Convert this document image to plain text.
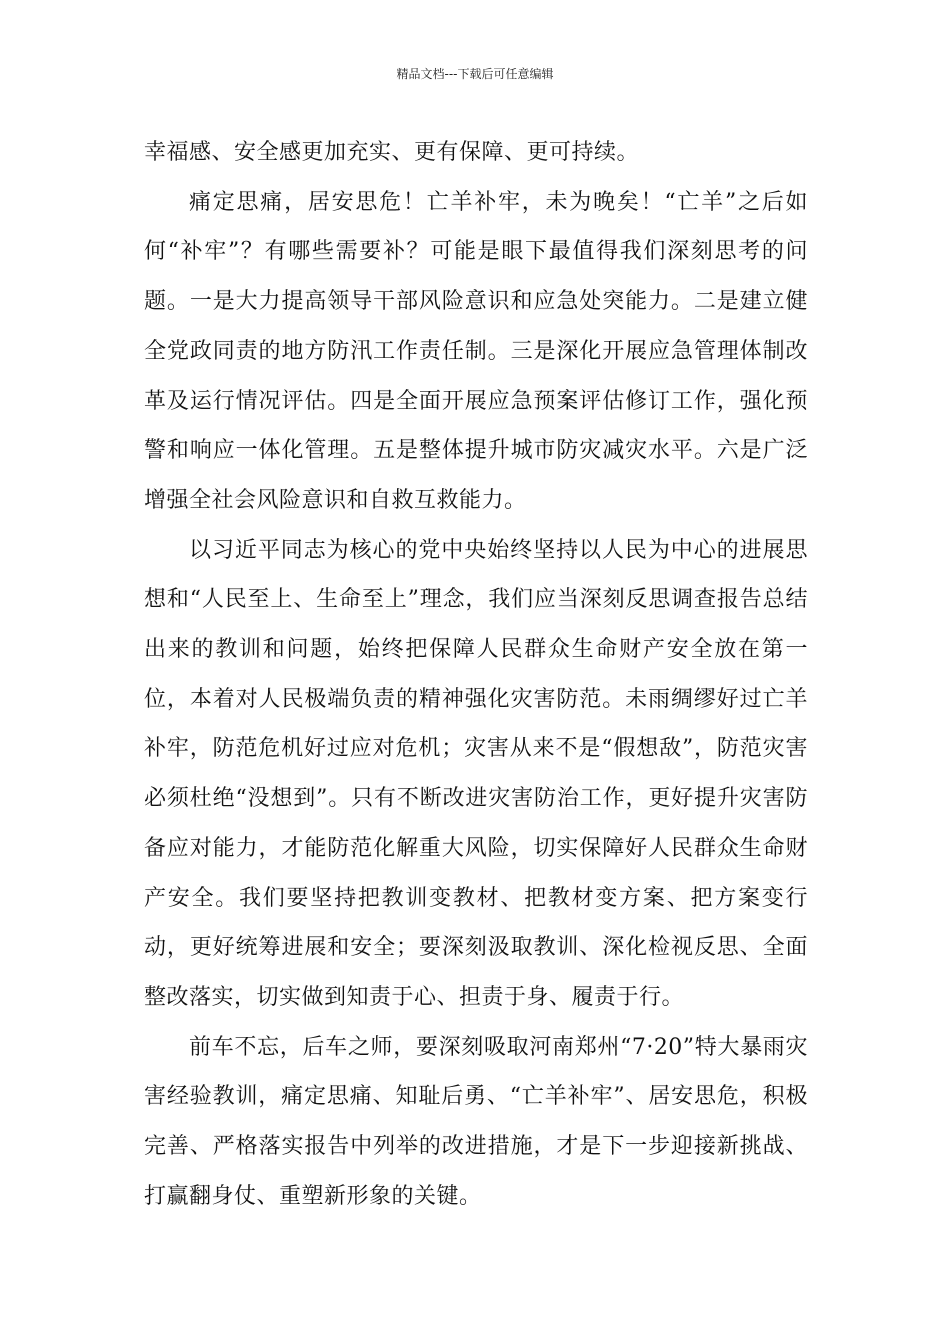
精品文档---下载后可任意编辑

幸福感、安全感更加充实、更有保障、更可持续。

痛定思痛，居安思危！亡羊补牢，未为晚矣！“亡羊”之后如何“补牢”？有哪些需要补？可能是眼下最值得我们深刻思考的问题。一是大力提高领导干部风险意识和应急处突能力。二是建立健全党政同责的地方防汛工作责任制。三是深化开展应急管理体制改革及运行情况评估。四是全面开展应急预案评估修订工作，强化预警和响应一体化管理。五是整体提升城市防灾减灾水平。六是广泛增强全社会风险意识和自救互救能力。

以习近平同志为核心的党中央始终坚持以人民为中心的进展思想和“人民至上、生命至上”理念，我们应当深刻反思调查报告总结出来的教训和问题，始终把保障人民群众生命财产安全放在第一位，本着对人民极端负责的精神强化灾害防范。未雨绸缪好过亡羊补牢，防范危机好过应对危机；灾害从来不是“假想敌”，防范灾害必须杜绝“没想到”。只有不断改进灾害防治工作，更好提升灾害防备应对能力，才能防范化解重大风险，切实保障好人民群众生命财产安全。我们要坚持把教训变教材、把教材变方案、把方案变行动，更好统筹进展和安全；要深刻汲取教训、深化检视反思、全面整改落实，切实做到知责于心、担责于身、履责于行。

前车不忘，后车之师，要深刻吸取河南郑州“7·20”特大暴雨灾害经验教训，痛定思痛、知耻后勇、“亡羊补牢”、居安思危，积极完善、严格落实报告中列举的改进措施，才是下一步迎接新挑战、打赢翻身仗、重塑新形象的关键。
